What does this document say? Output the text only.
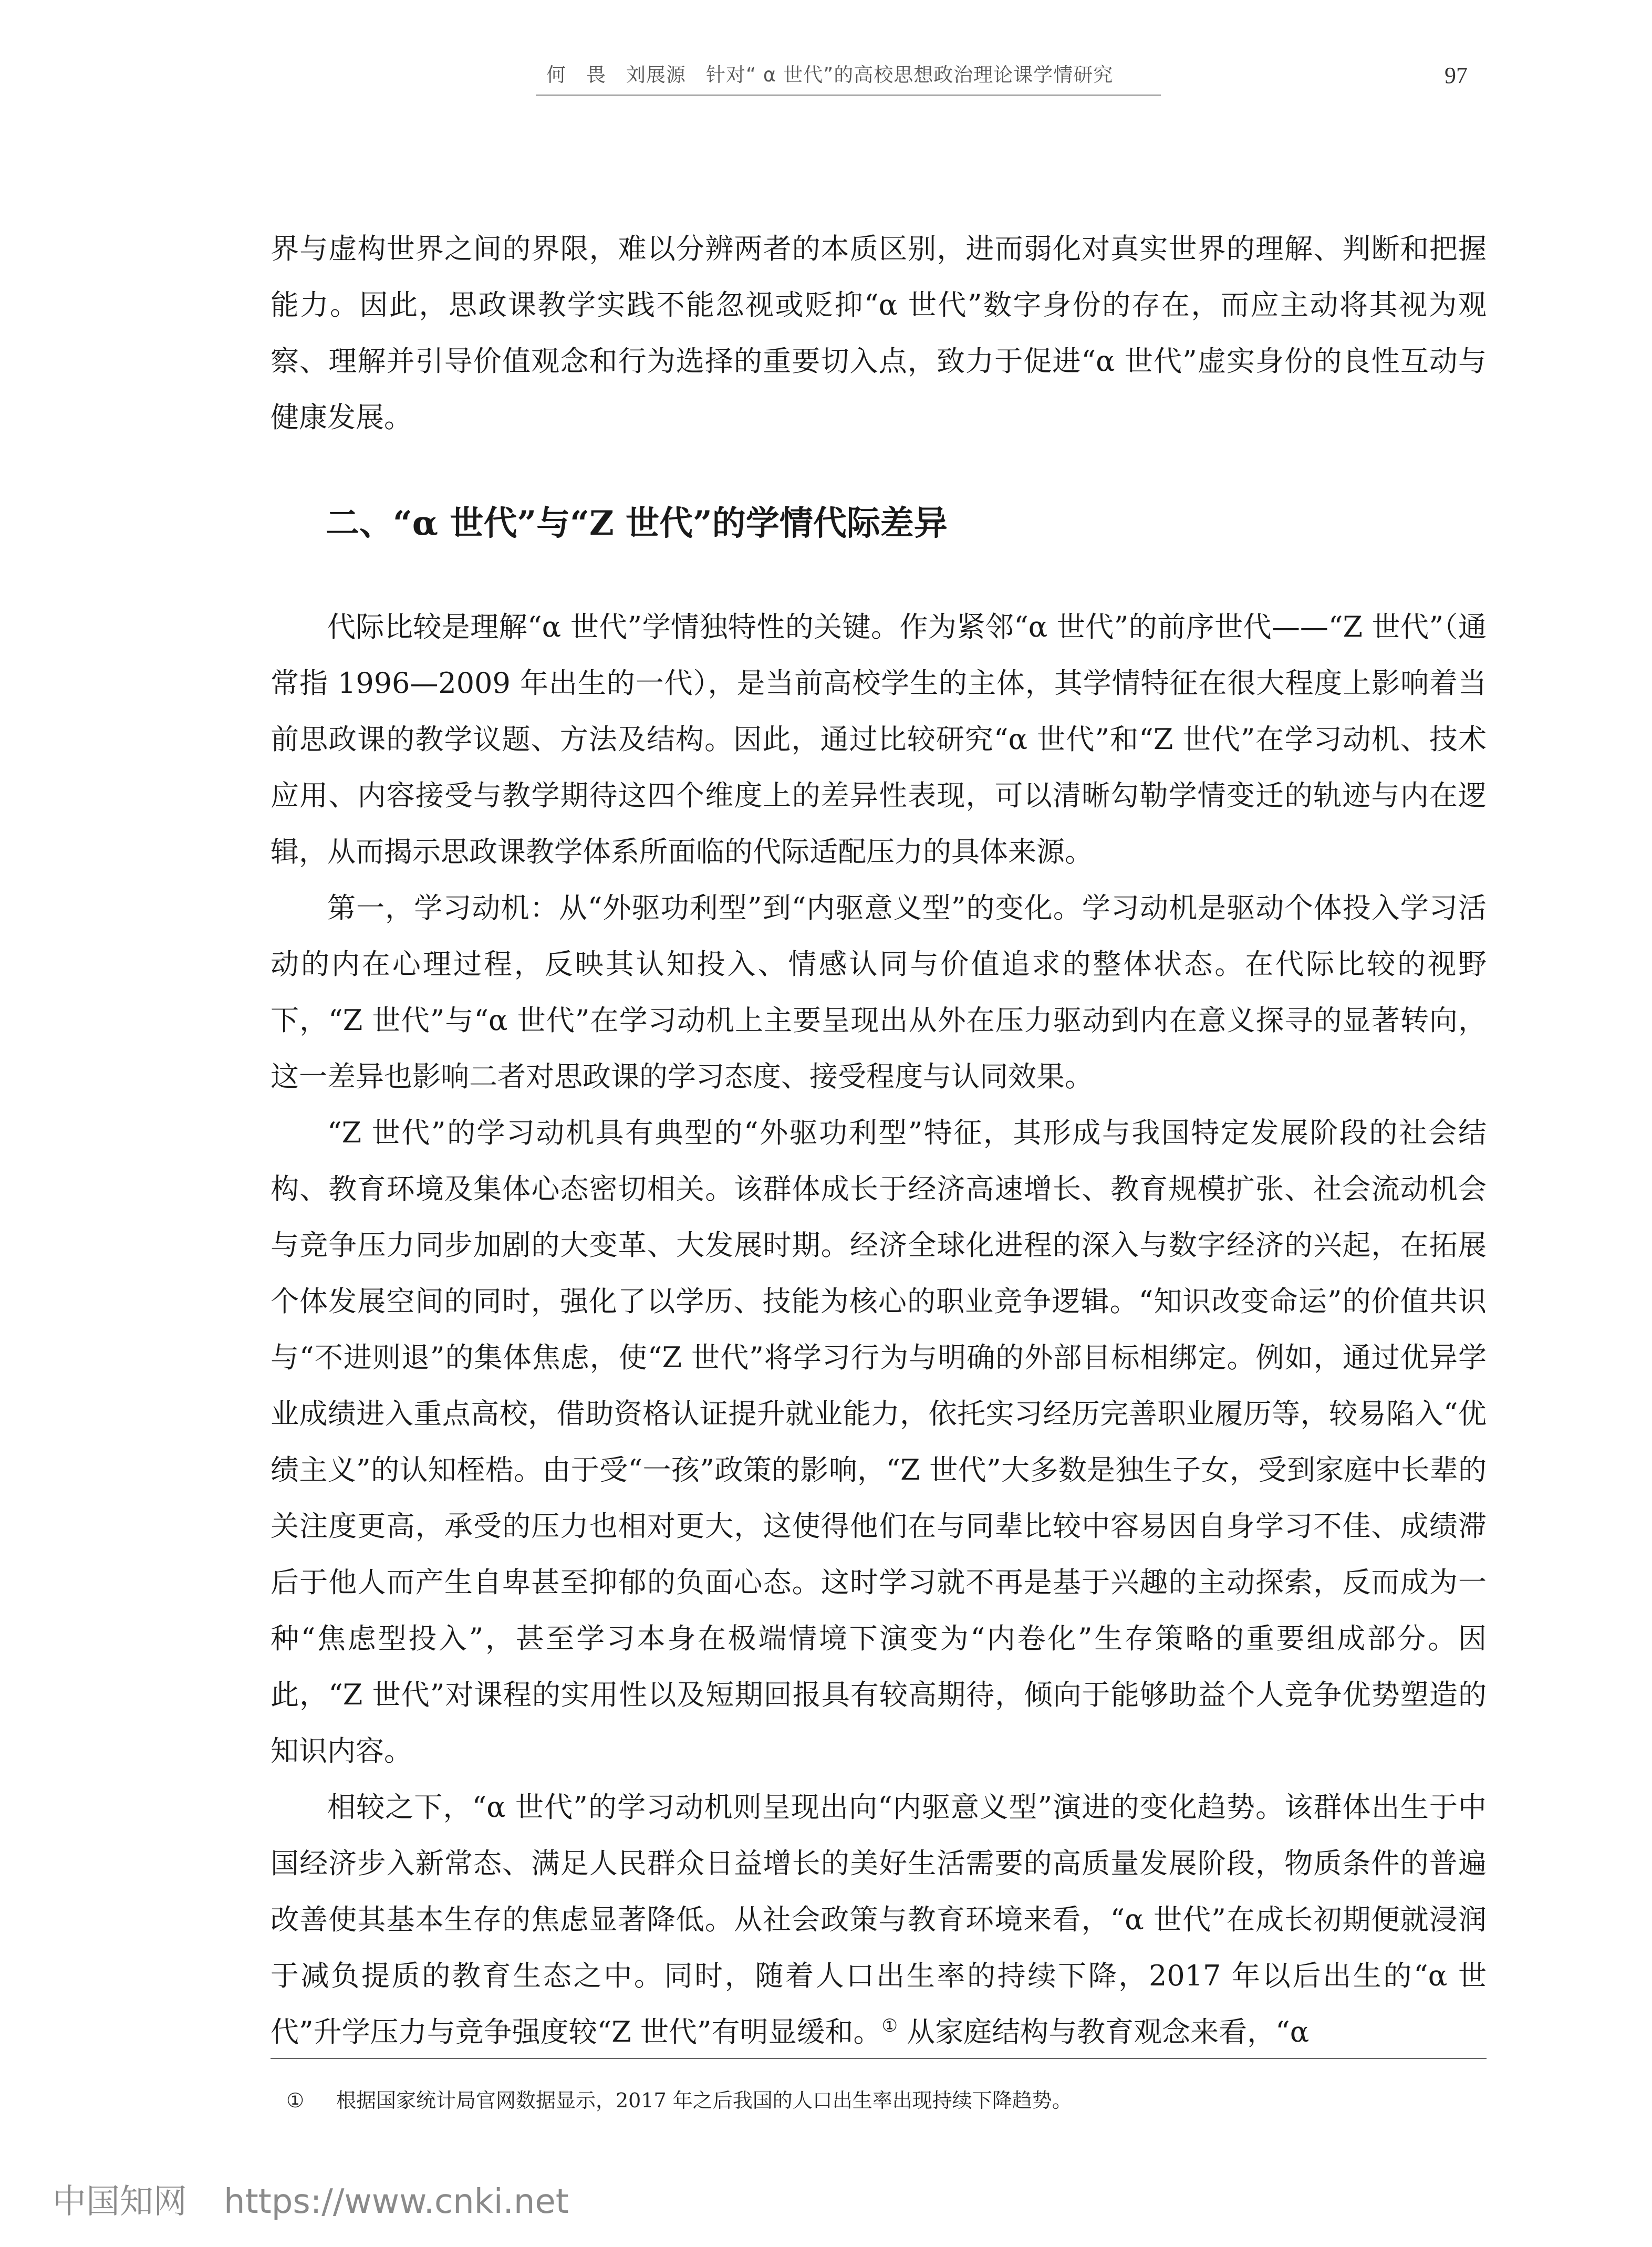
何　畏　刘展源　针对“ α 世代”的高校思想政治理论课学情研究	97

界与虚构世界之间的界限，难以分辨两者的本质区别，进而弱化对真实世界的理解、判断和把握能力。因此，思政课教学实践不能忽视或贬抑“α 世代”数字身份的存在，而应主动将其视为观察、理解并引导价值观念和行为选择的重要切入点，致力于促进“α 世代”虚实身份的良性互动与健康发展。

二、“α 世代”与“Z 世代”的学情代际差异

代际比较是理解“α 世代”学情独特性的关键。作为紧邻“α 世代”的前序世代——“Z 世代”（通常指 1996—2009 年出生的一代），是当前高校学生的主体，其学情特征在很大程度上影响着当前思政课的教学议题、方法及结构。因此，通过比较研究“α 世代”和“Z 世代”在学习动机、技术应用、内容接受与教学期待这四个维度上的差异性表现，可以清晰勾勒学情变迁的轨迹与内在逻辑，从而揭示思政课教学体系所面临的代际适配压力的具体来源。

第一，学习动机：从“外驱功利型”到“内驱意义型”的变化。学习动机是驱动个体投入学习活动的内在心理过程，反映其认知投入、情感认同与价值追求的整体状态。在代际比较的视野下，“Z 世代”与“α 世代”在学习动机上主要呈现出从外在压力驱动到内在意义探寻的显著转向，这一差异也影响二者对思政课的学习态度、接受程度与认同效果。

“Z 世代”的学习动机具有典型的“外驱功利型”特征，其形成与我国特定发展阶段的社会结构、教育环境及集体心态密切相关。该群体成长于经济高速增长、教育规模扩张、社会流动机会与竞争压力同步加剧的大变革、大发展时期。经济全球化进程的深入与数字经济的兴起，在拓展个体发展空间的同时，强化了以学历、技能为核心的职业竞争逻辑。“知识改变命运”的价值共识与“不进则退”的集体焦虑，使“Z 世代”将学习行为与明确的外部目标相绑定。例如，通过优异学业成绩进入重点高校，借助资格认证提升就业能力，依托实习经历完善职业履历等，较易陷入“优绩主义”的认知桎梏。由于受“一孩”政策的影响，“Z 世代”大多数是独生子女，受到家庭中长辈的关注度更高，承受的压力也相对更大，这使得他们在与同辈比较中容易因自身学习不佳、成绩滞后于他人而产生自卑甚至抑郁的负面心态。这时学习就不再是基于兴趣的主动探索，反而成为一种“焦虑型投入”，甚至学习本身在极端情境下演变为“内卷化”生存策略的重要组成部分。因此，“Z 世代”对课程的实用性以及短期回报具有较高期待，倾向于能够助益个人竞争优势塑造的知识内容。

相较之下，“α 世代”的学习动机则呈现出向“内驱意义型”演进的变化趋势。该群体出生于中国经济步入新常态、满足人民群众日益增长的美好生活需要的高质量发展阶段，物质条件的普遍改善使其基本生存的焦虑显著降低。从社会政策与教育环境来看，“α 世代”在成长初期便就浸润于减负提质的教育生态之中。同时，随着人口出生率的持续下降，2017 年以后出生的“α 世代”升学压力与竞争强度较“Z 世代”有明显缓和。① 从家庭结构与教育观念来看，“α

① 根据国家统计局官网数据显示，2017 年之后我国的人口出生率出现持续下降趋势。
中国知网 https://www.cnki.net
